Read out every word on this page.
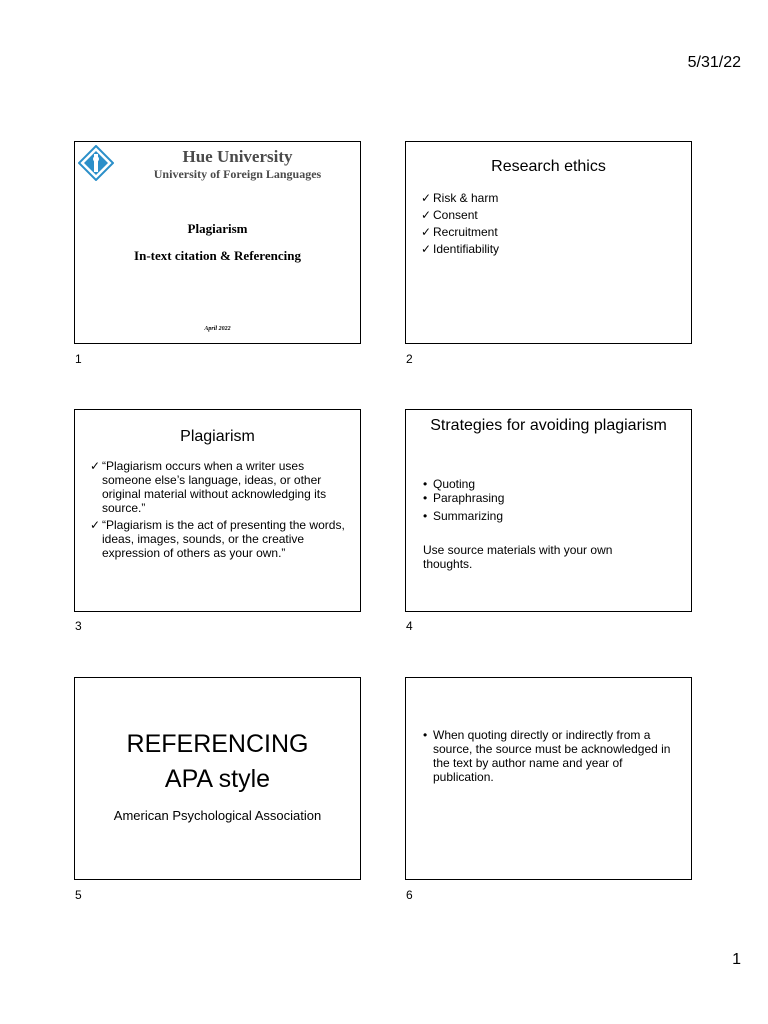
5/31/22
Hue University
University of Foreign Languages
Plagiarism
In-text citation & Referencing
April 2022
1
Research ethics
✓ Risk & harm
✓ Consent
✓ Recruitment
✓ Identifiability
2
Plagiarism
✓ “Plagiarism occurs when a writer uses someone else’s language, ideas, or other original material without acknowledging its source.”
✓ “Plagiarism is the act of presenting the words, ideas, images, sounds, or the creative expression of others as your own.”
3
Strategies for avoiding plagiarism
• Quoting
• Paraphrasing
• Summarizing
Use source materials with your own thoughts.
4
REFERENCING
APA style
American Psychological Association
5
• When quoting directly or indirectly from a source, the source must be acknowledged in the text by author name and year of publication.
6
1
